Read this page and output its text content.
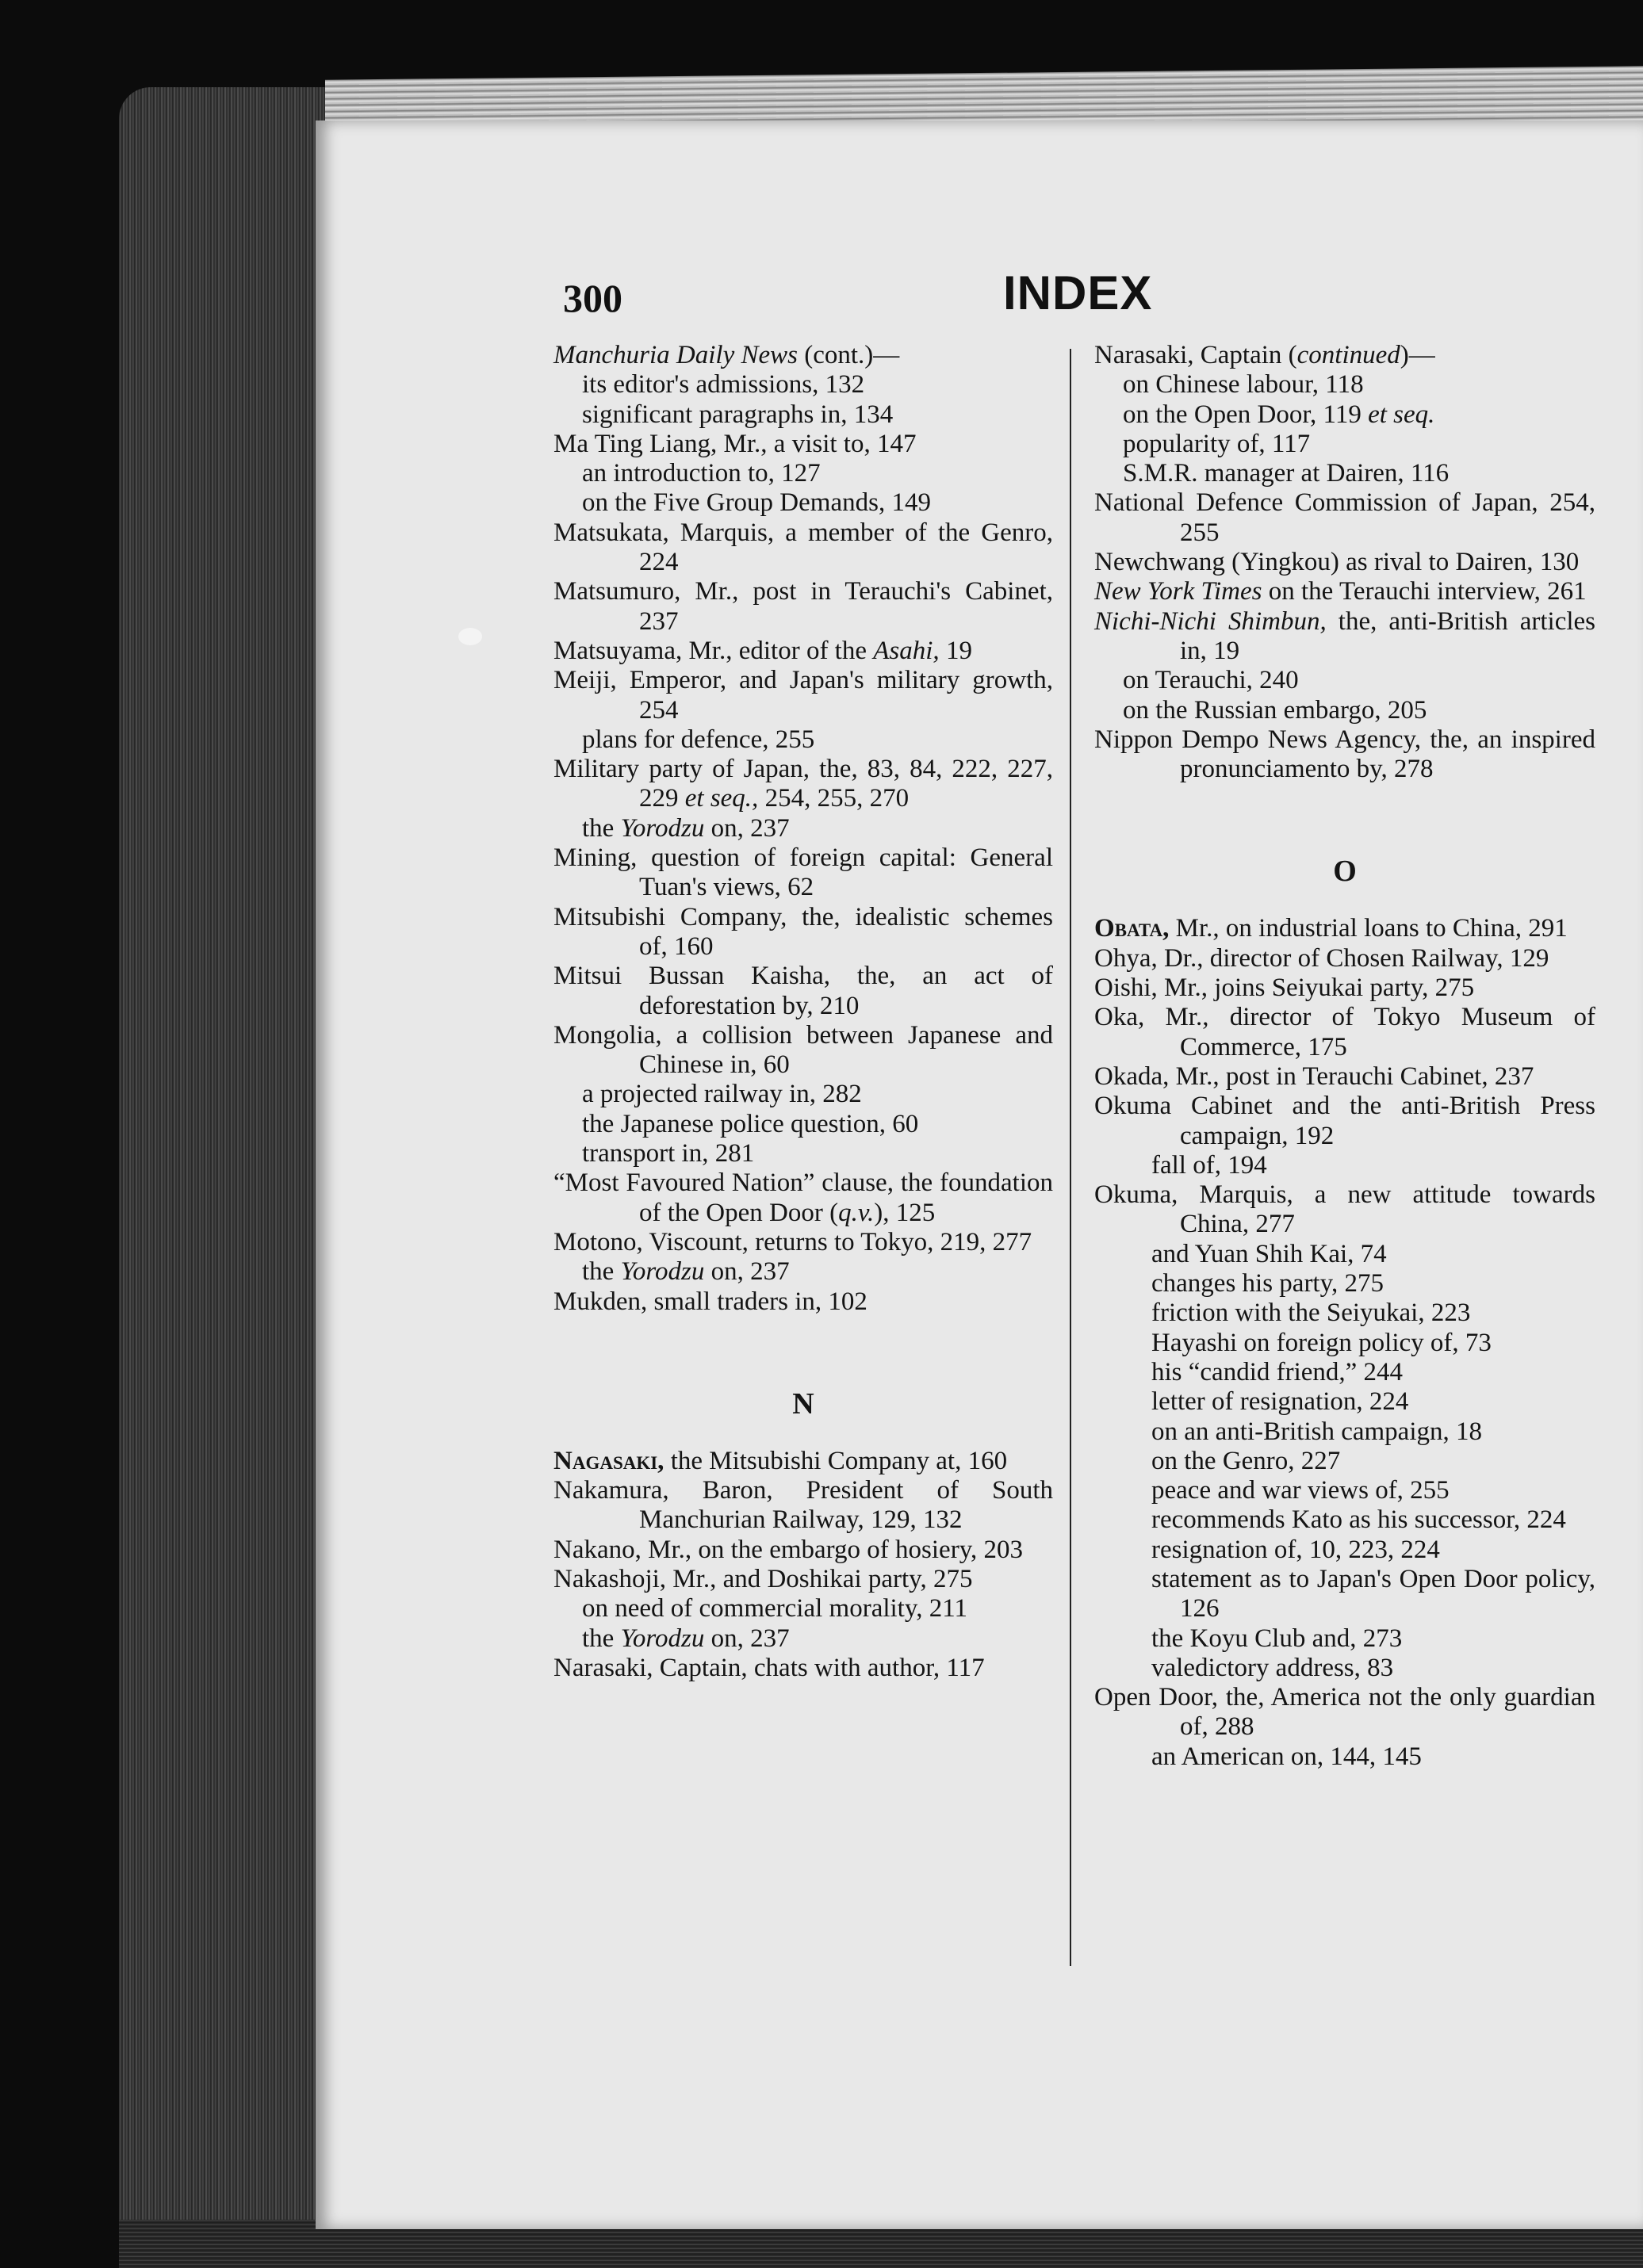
300	INDEX
Manchuria Daily News (cont.)—
its editor's admissions, 132
significant paragraphs in, 134
Ma Ting Liang, Mr., a visit to, 147
an introduction to, 127
on the Five Group Demands, 149
Matsukata, Marquis, a member of the Genro, 224
Matsumuro, Mr., post in Terauchi's Cabinet, 237
Matsuyama, Mr., editor of the Asahi, 19
Meiji, Emperor, and Japan's military growth, 254
plans for defence, 255
Military party of Japan, the, 83, 84, 222, 227, 229 et seq., 254, 255, 270
the Yorodzu on, 237
Mining, question of foreign capital: General Tuan's views, 62
Mitsubishi Company, the, idealistic schemes of, 160
Mitsui Bussan Kaisha, the, an act of deforestation by, 210
Mongolia, a collision between Japanese and Chinese in, 60
a projected railway in, 282
the Japanese police question, 60
transport in, 281
“Most Favoured Nation” clause, the foundation of the Open Door (q.v.), 125
Motono, Viscount, returns to Tokyo, 219, 277
the Yorodzu on, 237
Mukden, small traders in, 102
N
Nagasaki, the Mitsubishi Company at, 160
Nakamura, Baron, President of South Manchurian Railway, 129, 132
Nakano, Mr., on the embargo of hosiery, 203
Nakashoji, Mr., and Doshikai party, 275
on need of commercial morality, 211
the Yorodzu on, 237
Narasaki, Captain, chats with author, 117
Narasaki, Captain (continued)—
on Chinese labour, 118
on the Open Door, 119 et seq.
popularity of, 117
S.M.R. manager at Dairen, 116
National Defence Commission of Japan, 254, 255
Newchwang (Yingkou) as rival to Dairen, 130
New York Times on the Terauchi interview, 261
Nichi-Nichi Shimbun, the, anti-British articles in, 19
on Terauchi, 240
on the Russian embargo, 205
Nippon Dempo News Agency, the, an inspired pronunciamento by, 278
O
Obata, Mr., on industrial loans to China, 291
Ohya, Dr., director of Chosen Railway, 129
Oishi, Mr., joins Seiyukai party, 275
Oka, Mr., director of Tokyo Museum of Commerce, 175
Okada, Mr., post in Terauchi Cabinet, 237
Okuma Cabinet and the anti-British Press campaign, 192
fall of, 194
Okuma, Marquis, a new attitude towards China, 277
and Yuan Shih Kai, 74
changes his party, 275
friction with the Seiyukai, 223
Hayashi on foreign policy of, 73
his “candid friend,” 244
letter of resignation, 224
on an anti-British campaign, 18
on the Genro, 227
peace and war views of, 255
recommends Kato as his successor, 224
resignation of, 10, 223, 224
statement as to Japan's Open Door policy, 126
the Koyu Club and, 273
valedictory address, 83
Open Door, the, America not the only guardian of, 288
an American on, 144, 145
